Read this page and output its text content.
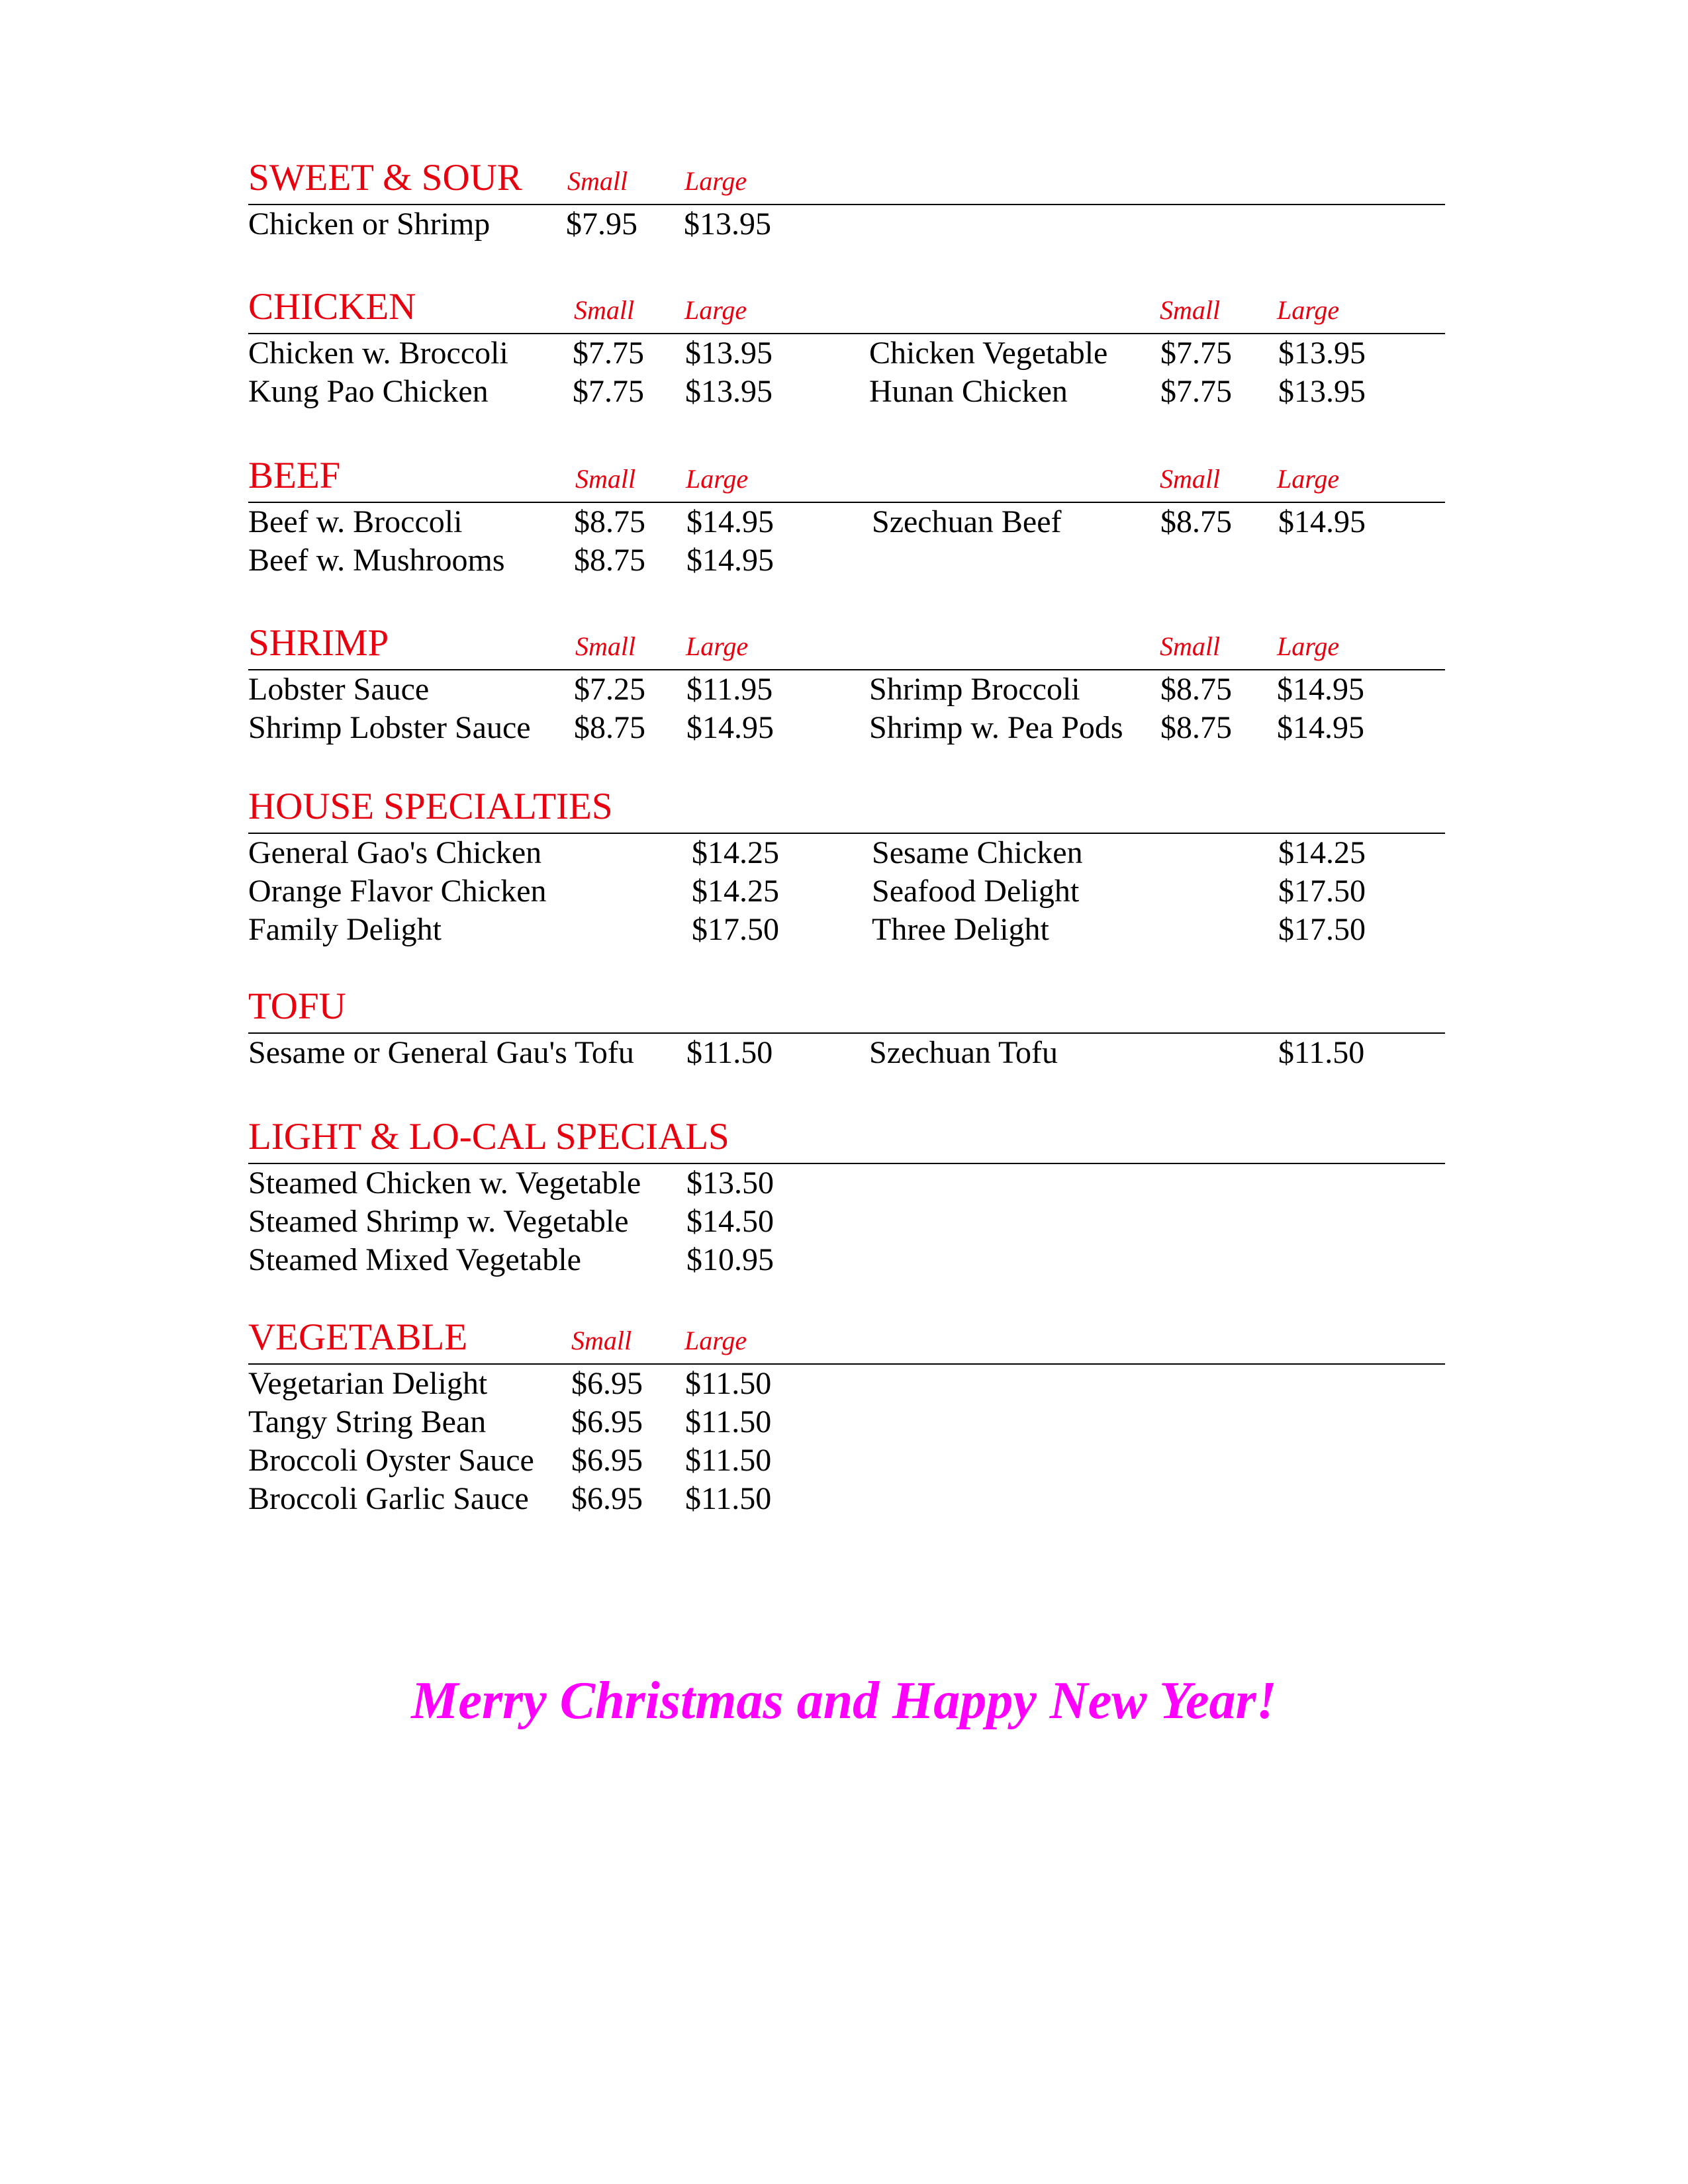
SWEET & SOUR Small Large
Chicken or Shrimp $7.95 $13.95
CHICKEN	Small Large	Small Large
Chicken w. Broccoli $7.75 $13.95	Chicken Vegetable $7.75 $13.95
Kung Pao Chicken	$7.75 $13.95	Hunan Chicken	$7.75 $13.95
BEEF	Small Large	Small Large
Beef w. Broccoli	$8.75 $14.95	Szechuan Beef	$8.75 $14.95
Beef w. Mushrooms $8.75 $14.95
SHRIMP	Small Large	Small Large
Lobster Sauce	$7.25 $11.95	Shrimp Broccoli	$8.75 $14.95
Shrimp Lobster Sauce $8.75 $14.95	Shrimp w. Pea Pods $8.75 $14.95
HOUSE SPECIALTIES
General Gao's Chicken	$14.25	Sesame Chicken	$14.25
Orange Flavor Chicken	$14.25	Seafood Delight	$17.50
Family Delight	$17.50	Three Delight	$17.50
TOFU
Sesame or General Gau's Tofu $11.50	Szechuan Tofu	$11.50
LIGHT & LO-CAL SPECIALS
Steamed Chicken w. Vegetable $13.50
Steamed Shrimp w. Vegetable $14.50
Steamed Mixed Vegetable	$10.95
VEGETABLE	Small Large
Vegetarian Delight	$6.95 $11.50
Tangy String Bean	$6.95 $11.50
Broccoli Oyster Sauce $6.95 $11.50
Broccoli Garlic Sauce $6.95 $11.50
Merry Christmas and Happy New Year!
